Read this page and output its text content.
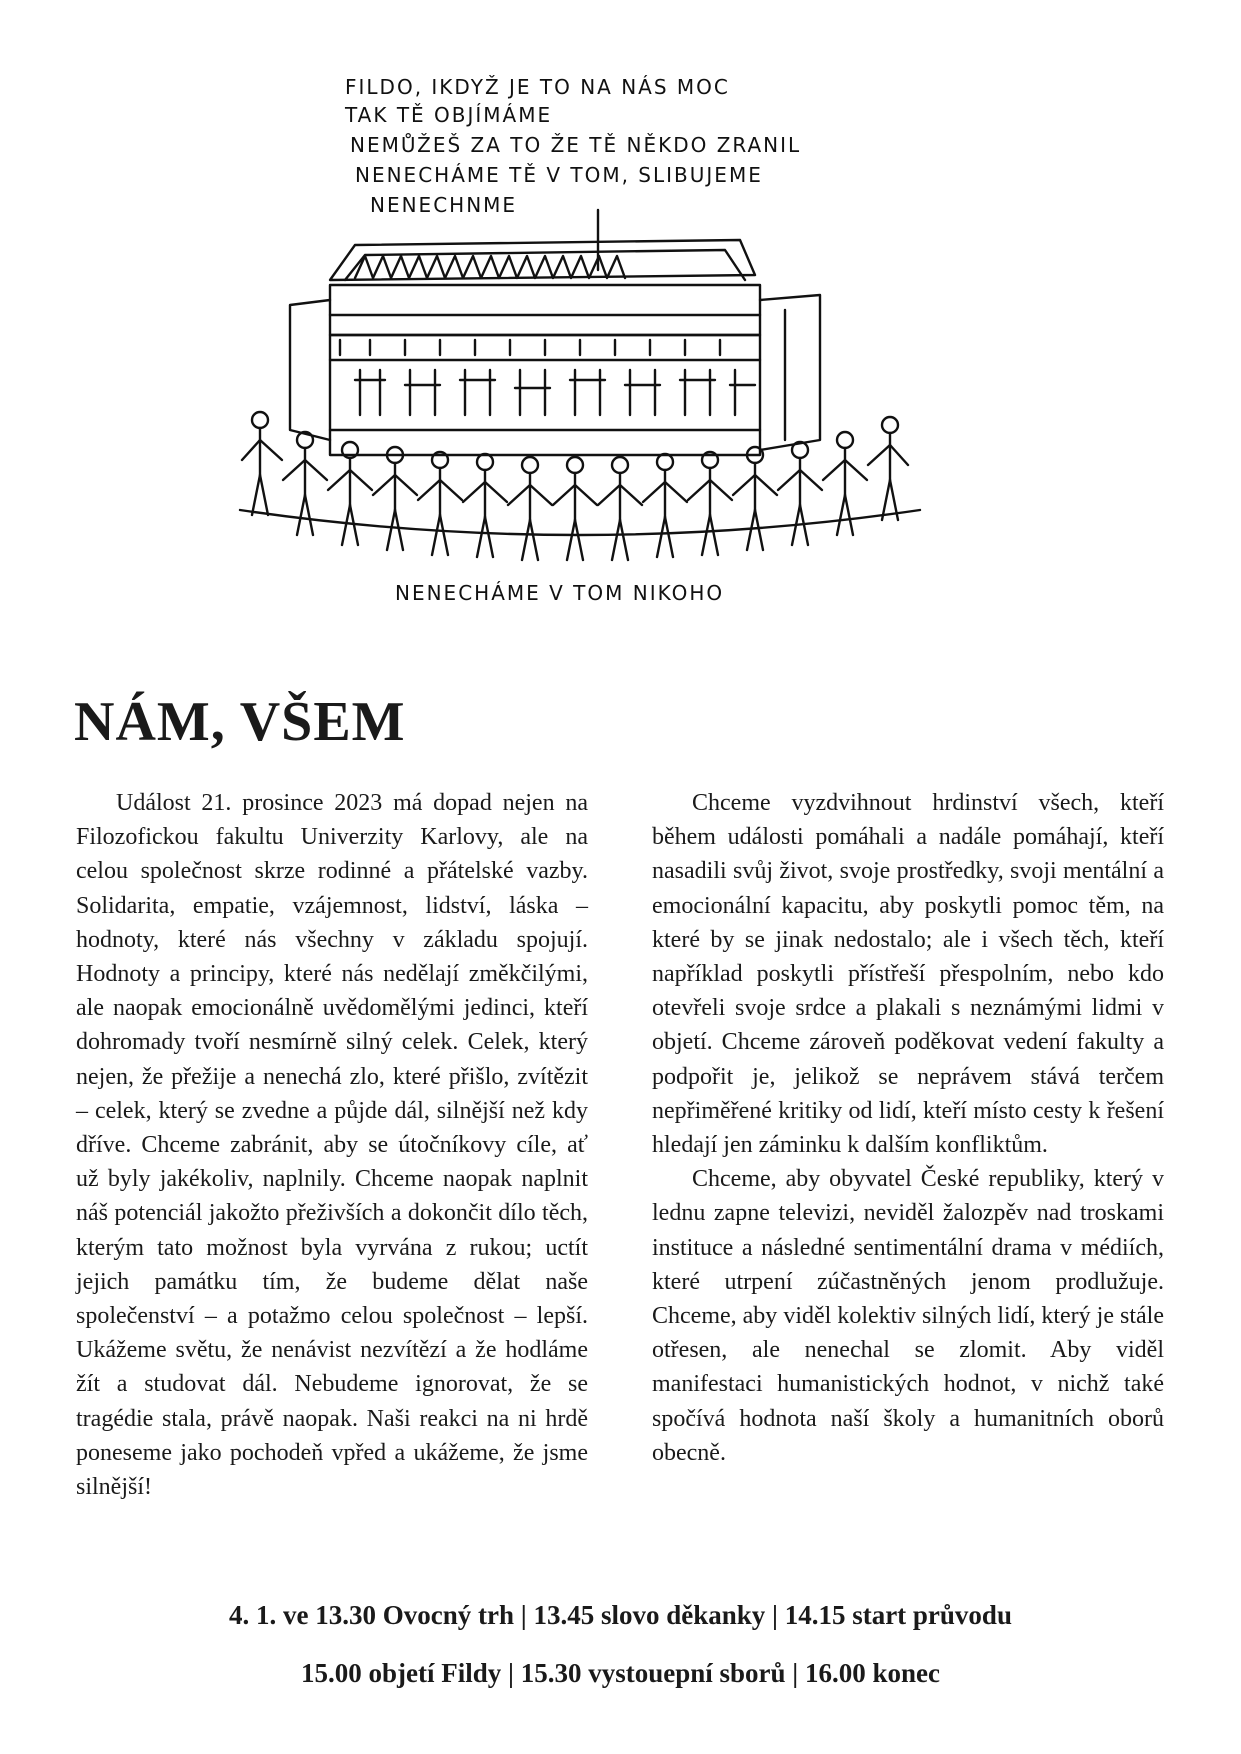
FILDO, IKDYŽ JE TO NA NÁS MOC
TAK TĚ OBJÍMÁME
NEMŮŽEŠ ZA TO ŽE TĚ NĚKDO ZRANIL
NENECHÁME TĚ V TOM, SLIBUJEME
NENECHNME
NENECHÁME V TOM NIKOHO
NÁM, VŠEM

Událost 21. prosince 2023 má dopad nejen na Filozofickou fakultu Univerzity Karlovy, ale na celou společnost skrze rodinné a přátelské vazby. Solidarita, empatie, vzájemnost, lidství, láska – hodnoty, které nás všechny v základu spojují. Hodnoty a principy, které nás nedělají změkčilými, ale naopak emocionálně uvědomělými jedinci, kteří dohromady tvoří nesmírně silný celek. Celek, který nejen, že přežije a nenechá zlo, které přišlo, zvítězit – celek, který se zvedne a půjde dál, silnější než kdy dříve. Chceme zabránit, aby se útočníkovy cíle, ať už byly jakékoliv, naplnily. Chceme naopak naplnit náš potenciál jakožto přeživších a dokončit dílo těch, kterým tato možnost byla vyrvána z rukou; uctít jejich památku tím, že budeme dělat naše společenství – a potažmo celou společnost – lepší. Ukážeme světu, že nenávist nezvítězí a že hodláme žít a studovat dál. Nebudeme ignorovat, že se tragédie stala, právě naopak. Naši reakci na ni hrdě poneseme jako pochodeň vpřed a ukážeme, že jsme silnější!

Chceme vyzdvihnout hrdinství všech, kteří během události pomáhali a nadále pomáhají, kteří nasadili svůj život, svoje prostředky, svoji mentální a emocionální kapacitu, aby poskytli pomoc těm, na které by se jinak nedostalo; ale i všech těch, kteří například poskytli přístřeší přespolním, nebo kdo otevřeli svoje srdce a plakali s neznámými lidmi v objetí. Chceme zároveň poděkovat vedení fakulty a podpořit je, jelikož se neprávem stává terčem nepřiměřené kritiky od lidí, kteří místo cesty k řešení hledají jen záminku k dalším konfliktům.

Chceme, aby obyvatel České republiky, který v lednu zapne televizi, neviděl žalozpěv nad troskami instituce a následné sentimentální drama v médiích, které utrpení zúčastněných jenom prodlužuje. Chceme, aby viděl kolektiv silných lidí, který je stále otřesen, ale nenechal se zlomit. Aby viděl manifestaci humanistických hodnot, v nichž také spočívá hodnota naší školy a humanitních oborů obecně.

4. 1. ve 13.30 Ovocný trh | 13.45 slovo děkanky | 14.15 start průvodu
15.00 objetí Fildy | 15.30 vystouepní sborů | 16.00 konec
